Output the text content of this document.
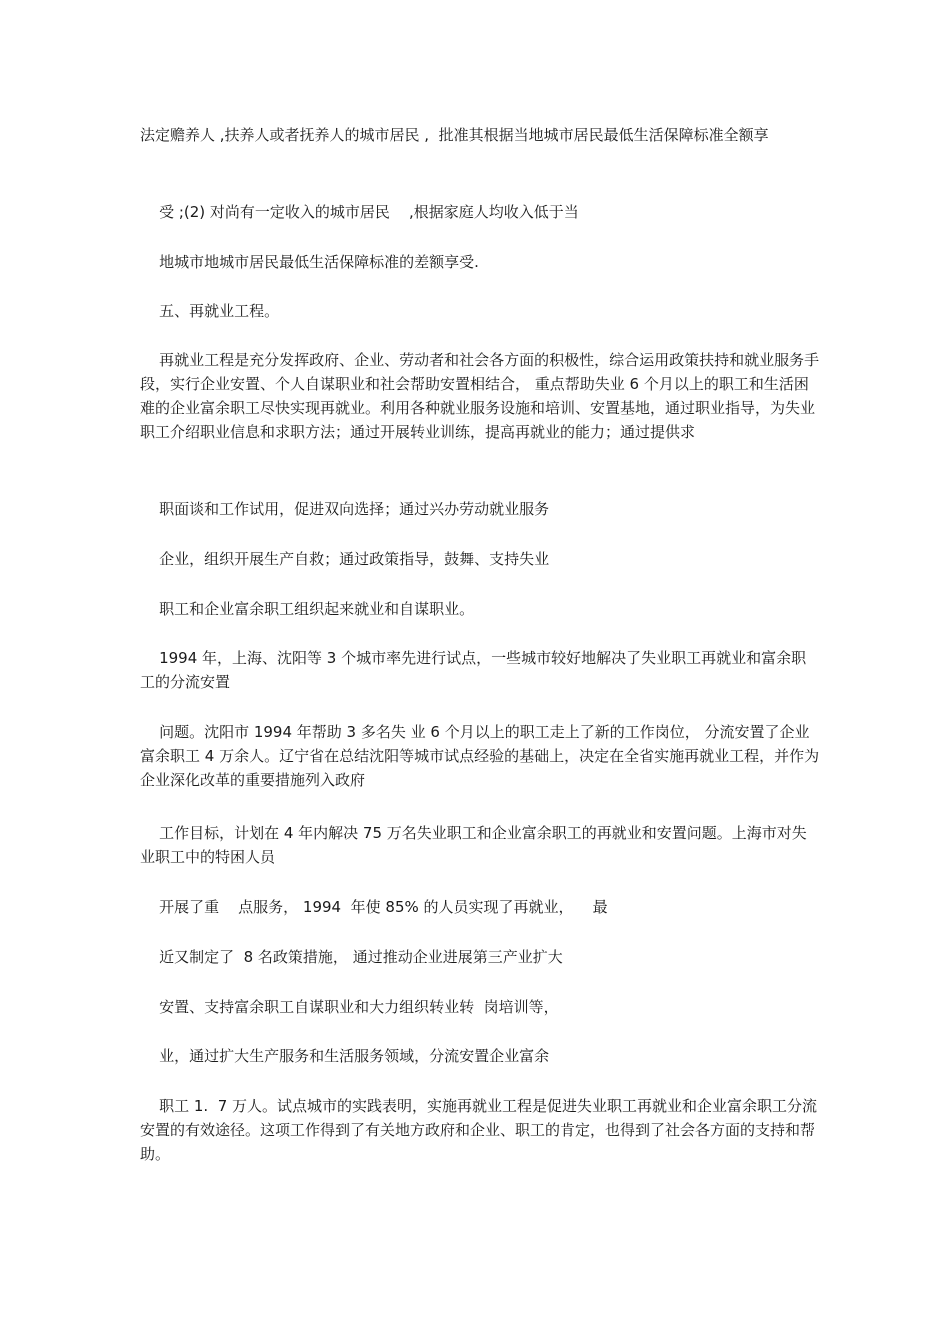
法定赡养人 ,扶养人或者抚养人的城市居民 ,  批准其根据当地城市居民最低生活保障标准全额享

受 ;(2) 对尚有一定收入的城市居民    ,根据家庭人均收入低于当

地城市地城市居民最低生活保障标准的差额享受.

五、再就业工程。

再就业工程是充分发挥政府、企业、劳动者和社会各方面的积极性，综合运用政策扶持和就业服务手段，实行企业安置、个人自谋职业和社会帮助安置相结合， 重点帮助失业 6 个月以上的职工和生活困难的企业富余职工尽快实现再就业。利用各种就业服务设施和培训、安置基地，通过职业指导，为失业职工介绍职业信息和求职方法；通过开展转业训练，提高再就业的能力；通过提供求

职面谈和工作试用，促进双向选择；通过兴办劳动就业服务

企业，组织开展生产自救；通过政策指导，鼓舞、支持失业

职工和企业富余职工组织起来就业和自谋职业。

1994 年，上海、沈阳等 3 个城市率先进行试点，一些城市较好地解决了失业职工再就业和富余职工的分流安置

问题。沈阳市 1994 年帮助 3 多名失 业 6 个月以上的职工走上了新的工作岗位， 分流安置了企业富余职工 4 万余人。辽宁省在总结沈阳等城市试点经验的基础上，决定在全省实施再就业工程，并作为 企业深化改革的重要措施列入政府

工作目标，计划在 4 年内解决 75 万名失业职工和企业富余职工的再就业和安置问题。上海市对失业职工中的特困人员

开展了重    点服务， 1994  年使 85% 的人员实现了再就业，    最

近又制定了  8 名政策措施， 通过推动企业进展第三产业扩大

安置、支持富余职工自谋职业和大力组织转业转  岗培训等，

业，通过扩大生产服务和生活服务领域，分流安置企业富余

职工 1.  7 万人。试点城市的实践表明，实施再就业工程是促进失业职工再就业和企业富余职工分流安置的有效途径。这项工作得到了有关地方政府和企业、职工的肯定，也得到了社会各方面的支持和帮助。
